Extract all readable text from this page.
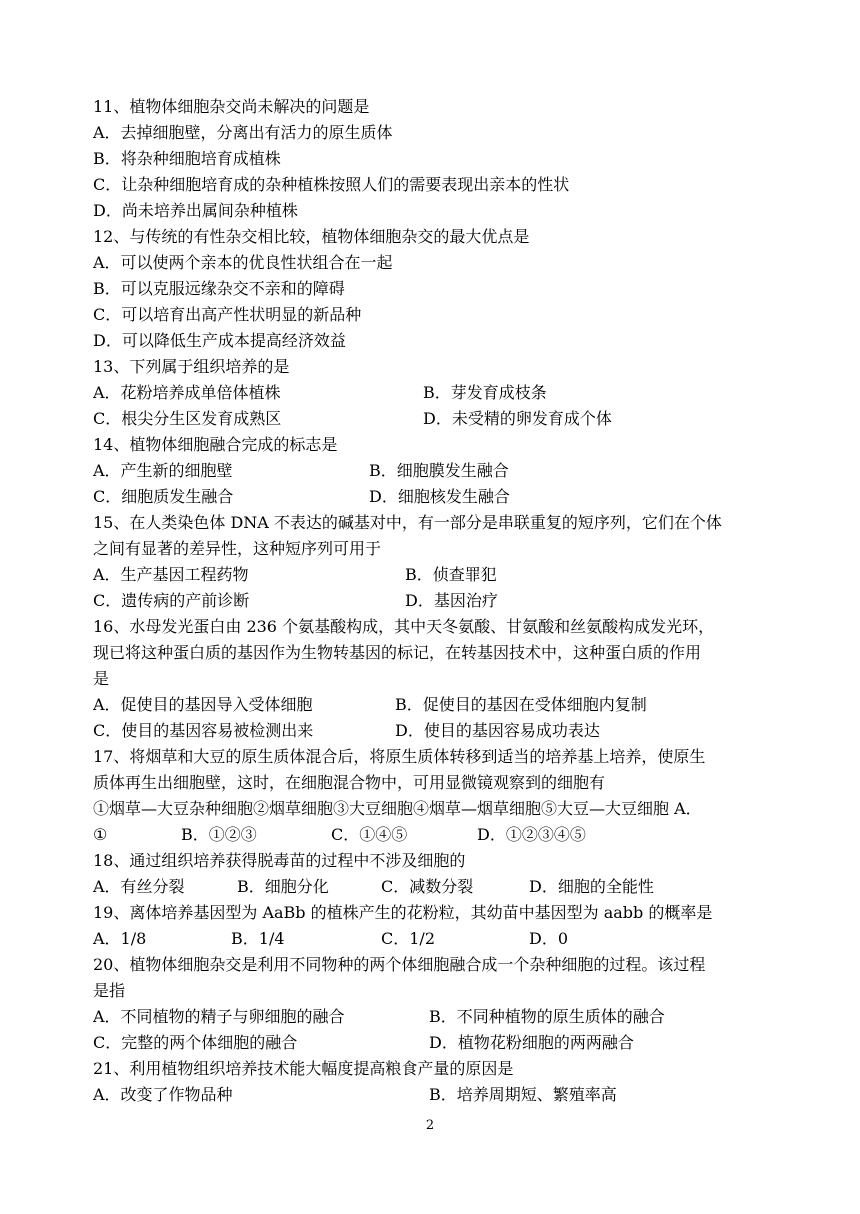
11、植物体细胞杂交尚未解决的问题是
A．去掉细胞壁，分离出有活力的原生质体
B．将杂种细胞培育成植株
C．让杂种细胞培育成的杂种植株按照人们的需要表现出亲本的性状
D．尚未培养出属间杂种植株
12、与传统的有性杂交相比较，植物体细胞杂交的最大优点是
A．可以使两个亲本的优良性状组合在一起
B．可以克服远缘杂交不亲和的障碍
C．可以培育出高产性状明显的新品种
D．可以降低生产成本提高经济效益
13、下列属于组织培养的是
A．花粉培养成单倍体植株	B．芽发育成枝条
C．根尖分生区发育成熟区	D．未受精的卵发育成个体
14、植物体细胞融合完成的标志是
A．产生新的细胞壁	B．细胞膜发生融合
C．细胞质发生融合	D．细胞核发生融合
15、在人类染色体 DNA 不表达的碱基对中，有一部分是串联重复的短序列，它们在个体
之间有显著的差异性，这种短序列可用于
A．生产基因工程药物	B．侦查罪犯
C．遗传病的产前诊断	D．基因治疗
16、水母发光蛋白由 236 个氨基酸构成，其中天冬氨酸、甘氨酸和丝氨酸构成发光环，
现已将这种蛋白质的基因作为生物转基因的标记，在转基因技术中，这种蛋白质的作用
是
A．促使目的基因导入受体细胞	B．促使目的基因在受体细胞内复制
C．使目的基因容易被检测出来	D．使目的基因容易成功表达
17、将烟草和大豆的原生质体混合后，将原生质体转移到适当的培养基上培养，使原生
质体再生出细胞壁，这时，在细胞混合物中，可用显微镜观察到的细胞有
①烟草—大豆杂种细胞②烟草细胞③大豆细胞④烟草—烟草细胞⑤大豆—大豆细胞 A．
①	B．①②③	C．①④⑤	D．①②③④⑤
18、通过组织培养获得脱毒苗的过程中不涉及细胞的
A．有丝分裂	B．细胞分化	C．减数分裂	D．细胞的全能性
19、离体培养基因型为 AaBb 的植株产生的花粉粒，其幼苗中基因型为 aabb 的概率是
A．1/8	B．1/4	C．1/2	D．0
20、植物体细胞杂交是利用不同物种的两个体细胞融合成一个杂种细胞的过程。该过程
是指
A．不同植物的精子与卵细胞的融合	B．不同种植物的原生质体的融合
C．完整的两个体细胞的融合	D．植物花粉细胞的两两融合
21、利用植物组织培养技术能大幅度提高粮食产量的原因是
A．改变了作物品种	B．培养周期短、繁殖率高
2
